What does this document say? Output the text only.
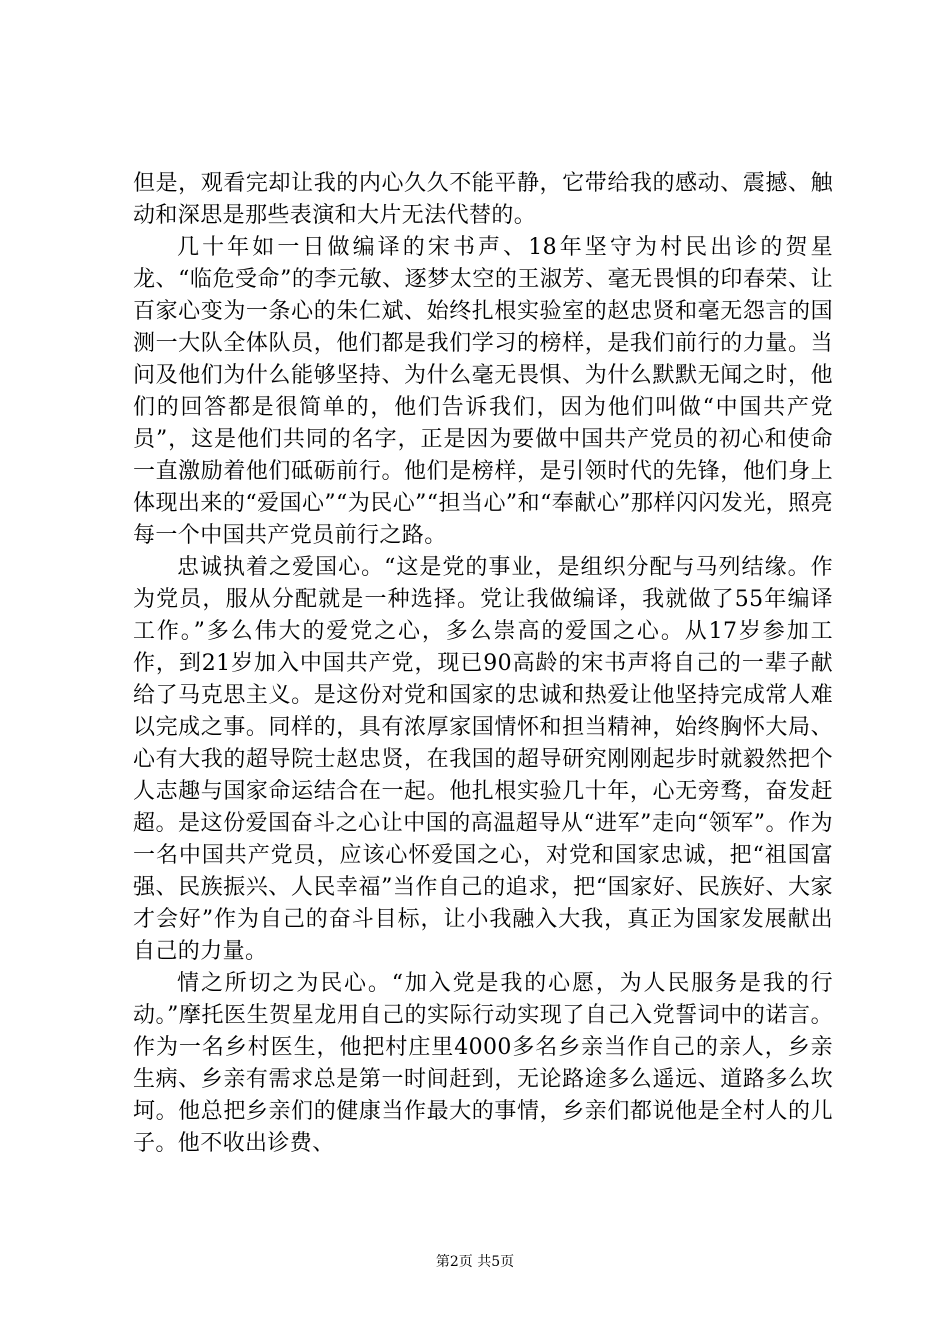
但是，观看完却让我的内心久久不能平静，它带给我的感动、震撼、触动和深思是那些表演和大片无法代替的。

几十年如一日做编译的宋书声、18年坚守为村民出诊的贺星龙、“临危受命”的李元敏、逐梦太空的王淑芳、毫无畏惧的印春荣、让百家心变为一条心的朱仁斌、始终扎根实验室的赵忠贤和毫无怨言的国测一大队全体队员，他们都是我们学习的榜样，是我们前行的力量。当问及他们为什么能够坚持、为什么毫无畏惧、为什么默默无闻之时，他们的回答都是很简单的，他们告诉我们，因为他们叫做“中国共产党员”，这是他们共同的名字，正是因为要做中国共产党员的初心和使命一直激励着他们砥砺前行。他们是榜样，是引领时代的先锋，他们身上体现出来的“爱国心”“为民心”“担当心”和“奉献心”那样闪闪发光，照亮每一个中国共产党员前行之路。

忠诚执着之爱国心。“这是党的事业，是组织分配与马列结缘。作为党员，服从分配就是一种选择。党让我做编译，我就做了55年编译工作。”多么伟大的爱党之心，多么崇高的爱国之心。从17岁参加工作，到21岁加入中国共产党，现已90高龄的宋书声将自己的一辈子献给了马克思主义。是这份对党和国家的忠诚和热爱让他坚持完成常人难以完成之事。同样的，具有浓厚家国情怀和担当精神，始终胸怀大局、心有大我的超导院士赵忠贤，在我国的超导研究刚刚起步时就毅然把个人志趣与国家命运结合在一起。他扎根实验几十年，心无旁骛，奋发赶超。是这份爱国奋斗之心让中国的高温超导从“进军”走向“领军”。作为一名中国共产党员，应该心怀爱国之心，对党和国家忠诚，把“祖国富强、民族振兴、人民幸福”当作自己的追求，把“国家好、民族好、大家才会好”作为自己的奋斗目标，让小我融入大我，真正为国家发展献出自己的力量。

情之所切之为民心。“加入党是我的心愿，为人民服务是我的行动。”摩托医生贺星龙用自己的实际行动实现了自己入党誓词中的诺言。作为一名乡村医生，他把村庄里4000多名乡亲当作自己的亲人，乡亲生病、乡亲有需求总是第一时间赶到，无论路途多么遥远、道路多么坎坷。他总把乡亲们的健康当作最大的事情，乡亲们都说他是全村人的儿子。他不收出诊费、

第2页 共5页
